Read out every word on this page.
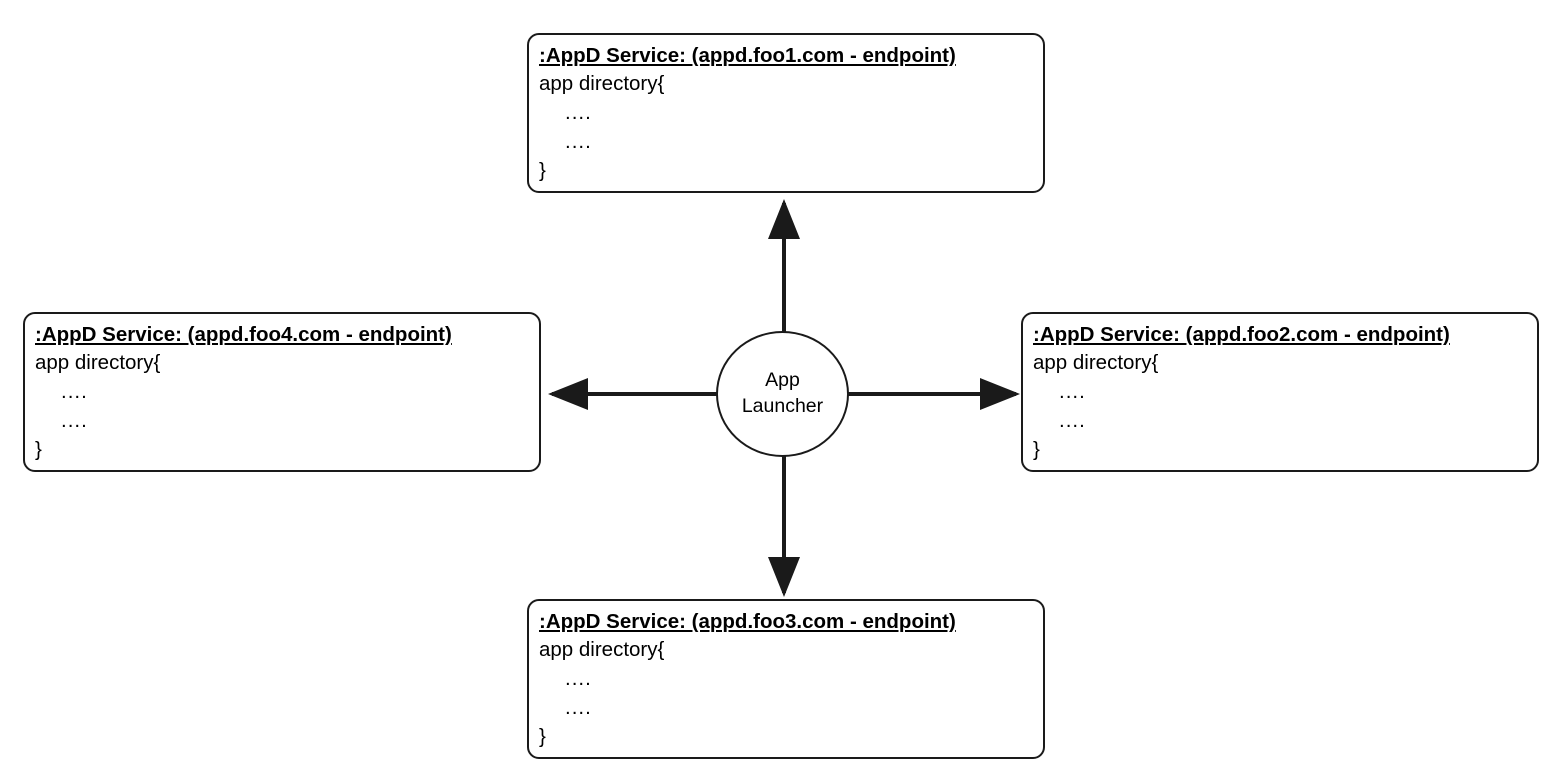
:AppD Service: (appd.foo1.com - endpoint)
app directory{
....
....
}
:AppD Service: (appd.foo2.com - endpoint)
app directory{
....
....
}
:AppD Service: (appd.foo3.com - endpoint)
app directory{
....
....
}
:AppD Service: (appd.foo4.com - endpoint)
app directory{
....
....
}
App
Launcher
